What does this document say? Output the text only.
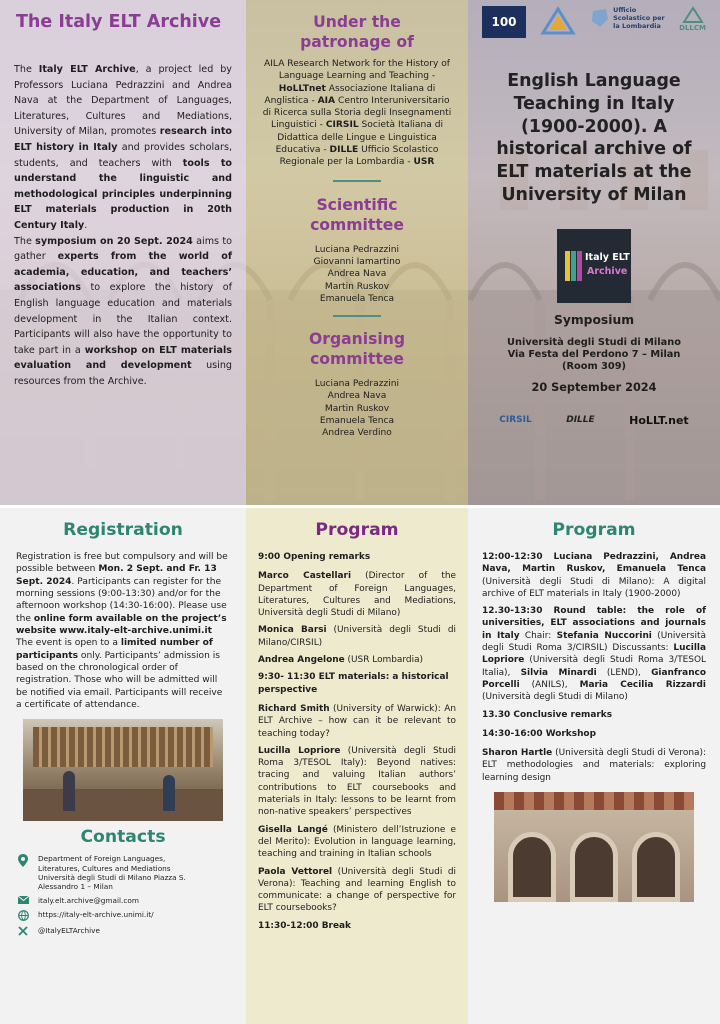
The Italy ELT Archive

The Italy ELT Archive, a project led by Professors Luciana Pedrazzini and Andrea Nava at the Department of Languages, Literatures, Cultures and Mediations, University of Milan, promotes research into ELT history in Italy and provides scholars, students, and teachers with tools to understand the linguistic and methodological principles underpinning ELT materials production in 20th Century Italy.

The symposium on 20 Sept. 2024 aims to gather experts from the world of academia, education, and teachers’ associations to explore the history of English language education and materials development in the Italian context. Participants will also have the opportunity to take part in a workshop on ELT materials evaluation and development using resources from the Archive.

Under the patronage of
AILA Research Network for the History of Language Learning and Teaching - HoLLTnet Associazione Italiana di Anglistica - AIA Centro Interuniversitario di Ricerca sulla Storia degli Insegnamenti Linguistici - CIRSIL Società Italiana di Didattica delle Lingue e Linguistica Educativa - DILLE Ufficio Scolastico Regionale per la Lombardia - USR
Scientific committee
Luciana Pedrazzini
Giovanni Iamartino
Andrea Nava
Martin Ruskov
Emanuela Tenca
Organising committee
Luciana Pedrazzini
Andrea Nava
Martin Ruskov
Emanuela Tenca
Andrea Verdino
100
Ufficio Scolastico per la Lombardia	DLLCM
English Language Teaching in Italy (1900-2000). A historical archive of ELT materials at the University of Milan
Italy ELT
Archive
Symposium
Università degli Studi di Milano
Via Festa del Perdono 7 – Milan
(Room 309)
20 September 2024
CIRSIL	DILLE	HoLLT.net
Registration

Registration is free but compulsory and will be possible between Mon. 2 Sept. and Fr. 13 Sept. 2024. Participants can register for the morning sessions (9:00-13:30) and/or for the afternoon workshop (14:30-16:00). Please use the online form available on the project’s website www.italy-elt-archive.unimi.it The event is open to a limited number of participants only. Participants’ admission is based on the chronological order of registration. Those who will be admitted will be notified via email. Participants will receive a certificate of attendance.

Contacts
Department of Foreign Languages, Literatures, Cultures and Mediations Università degli Studi di Milano Piazza S. Alessandro 1 – Milan
italy.elt.archive@gmail.com
https://italy-elt-archive.unimi.it/
@ItalyELTArchive
Program

9:00 Opening remarks

Marco Castellari (Director of the Department of Foreign Languages, Literatures, Cultures and Mediations, Università degli Studi di Milano)

Monica Barsi (Università degli Studi di Milano/CIRSIL)

Andrea Angelone (USR Lombardia)

9:30- 11:30 ELT materials: a historical perspective

Richard Smith (University of Warwick): An ELT Archive – how can it be relevant to teaching today?

Lucilla Lopriore (Università degli Studi Roma 3/TESOL Italy): Beyond natives: tracing and valuing Italian authors’ contributions to ELT coursebooks and materials in Italy: lessons to be learnt from non-native speakers’ perspectives

Gisella Langé (Ministero dell’Istruzione e del Merito): Evolution in language learning, teaching and training in Italian schools

Paola Vettorel (Università degli Studi di Verona): Teaching and learning English to communicate: a change of perspective for ELT coursebooks?

11:30-12:00 Break

Program

12:00-12:30 Luciana Pedrazzini, Andrea Nava, Martin Ruskov, Emanuela Tenca (Università degli Studi di Milano): A digital archive of ELT materials in Italy (1900-2000)

12.30-13:30 Round table: the role of universities, ELT associations and journals in Italy Chair: Stefania Nuccorini (Università degli Studi Roma 3/CIRSIL) Discussants: Lucilla Lopriore (Università degli Studi Roma 3/TESOL Italia), Silvia Minardi (LEND), Gianfranco Porcelli (ANILS), Maria Cecilia Rizzardi (Università degli Studi di Milano)

13.30 Conclusive remarks

14:30-16:00 Workshop

Sharon Hartle (Università degli Studi di Verona): ELT methodologies and materials: exploring learning design
